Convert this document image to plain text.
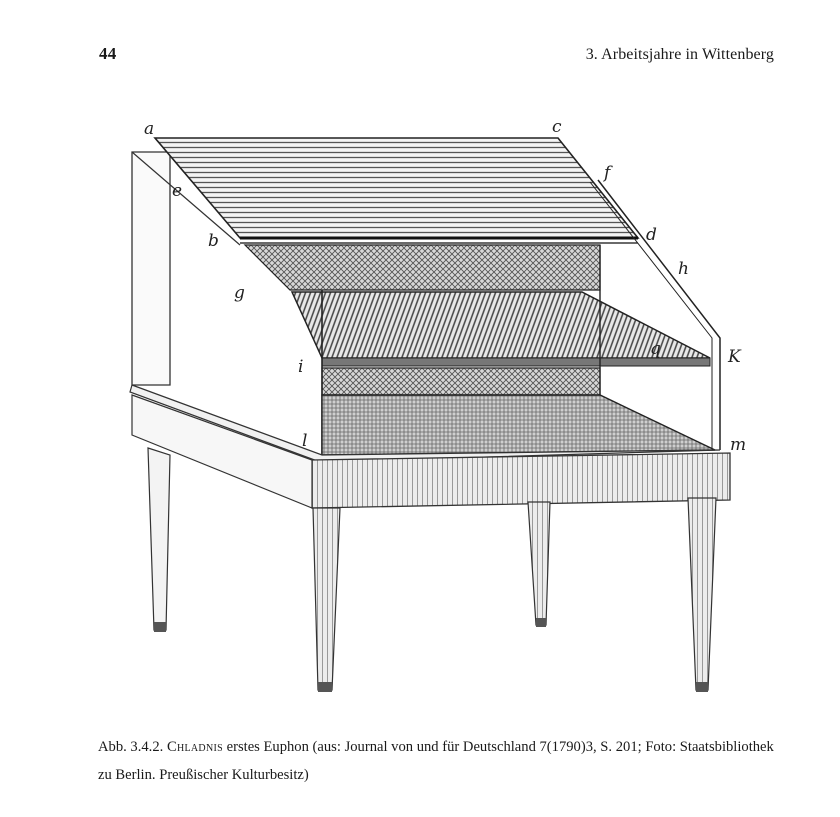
44	3. Arbeitsjahre in Wittenberg
a	c
e
f
b	d
g
h
i
q	K
l	m
Abb. 3.4.2. Chladnis erstes Euphon (aus: Journal von und für Deutschland 7(1790)3, S. 201; Foto: Staatsbibliothek zu Berlin. Preußischer Kulturbesitz)
